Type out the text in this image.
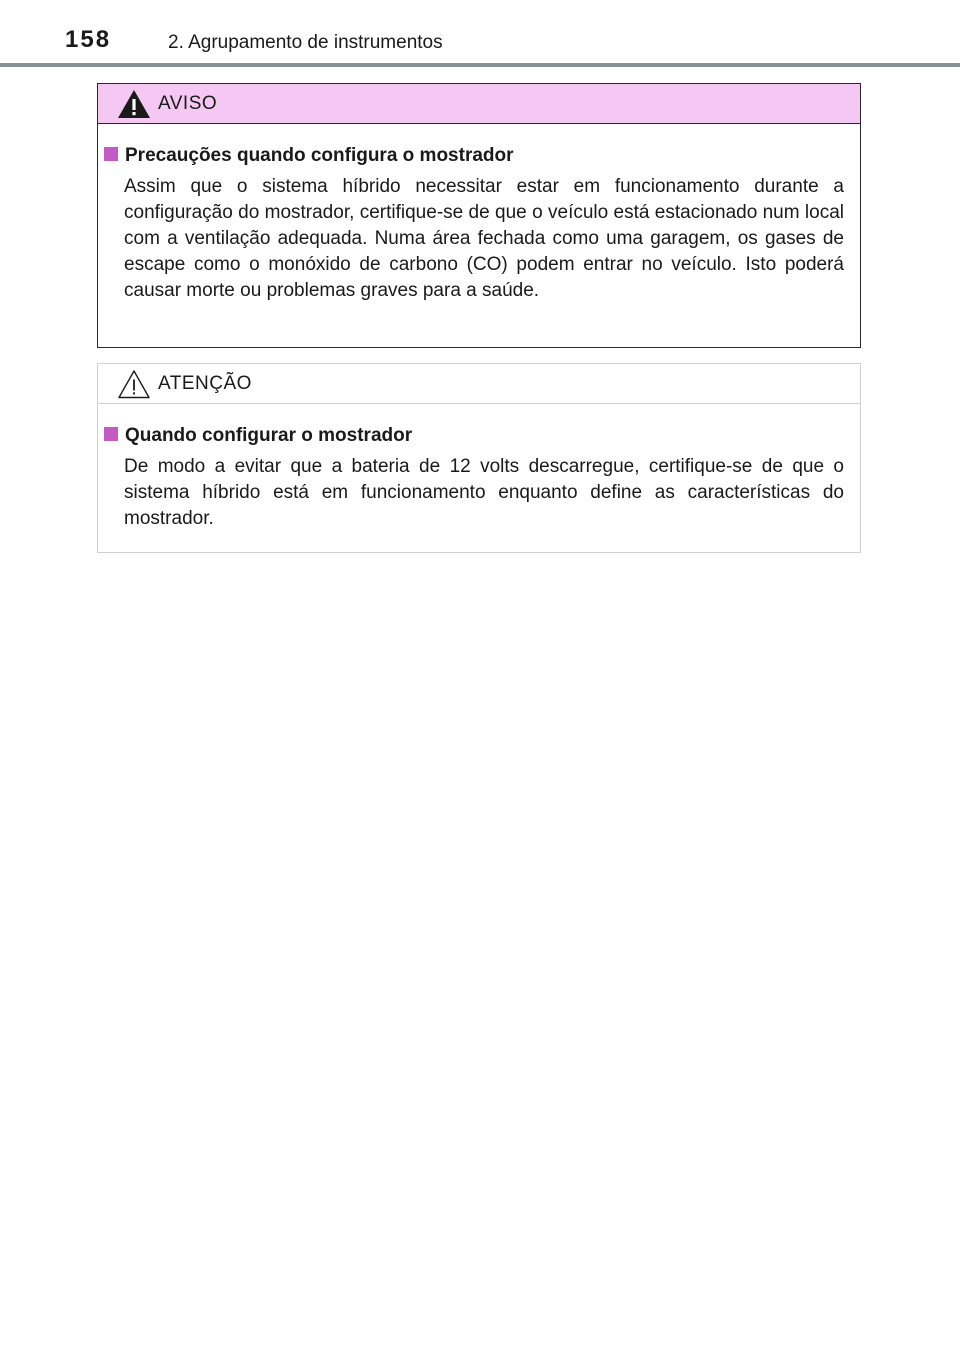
158	2. Agrupamento de instrumentos
AVISO
Precauções quando configura o mostrador
Assim que o sistema híbrido necessitar estar em funcionamento durante a configuração do mostrador, certifique-se de que o veículo está estacionado num local com a ventilação adequada. Numa área fechada como uma garagem, os gases de escape como o monóxido de carbono (CO) podem entrar no veículo. Isto poderá causar morte ou problemas graves para a saúde.
ATENÇÃO
Quando configurar o mostrador
De modo a evitar que a bateria de 12 volts descarregue, certifique-se de que o sistema híbrido está em funcionamento enquanto define as características do mostrador.
